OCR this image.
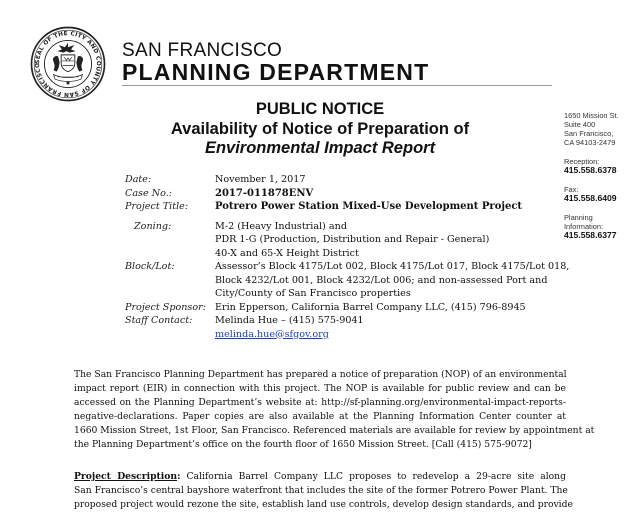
SEAL OF THE CITY AND COUNTY OF SAN FRANCISCO
SAN FRANCISCO
PLANNING DEPARTMENT
PUBLIC NOTICE
Availability of Notice of Preparation of
Environmental Impact Report
1650 Mission St.
Suite 400
San Francisco,
CA 94103-2479
Reception:
415.558.6378
Fax:
415.558.6409
Planning
Information:
415.558.6377
Date:	November 1, 2017
Case No.:	2017-011878ENV
Project Title:	Potrero Power Station Mixed-Use Development Project
Zoning:	M-2 (Heavy Industrial) and
PDR 1-G (Production, Distribution and Repair - General)
40-X and 65-X Height District
Block/Lot:	Assessor’s Block 4175/Lot 002, Block 4175/Lot 017, Block 4175/Lot 018,
Block 4232/Lot 001, Block 4232/Lot 006; and non-assessed Port and
City/County of San Francisco properties
Project Sponsor: Erin Epperson, California Barrel Company LLC, (415) 796-8945
Staff Contact:	Melinda Hue – (415) 575-9041
melinda.hue@sfgov.org
The San Francisco Planning Department has prepared a notice of preparation (NOP) of an environmental
impact report (EIR) in connection with this project. The NOP is available for public review and can be
accessed on the Planning Department’s website at: http://sf-planning.org/environmental-impact-reports-
negative-declarations. Paper copies are also available at the Planning Information Center counter at
1660 Mission Street, 1st Floor, San Francisco. Referenced materials are available for review by appointment at
the Planning Department’s office on the fourth floor of 1650 Mission Street. [Call (415) 575-9072]
Project Description: California Barrel Company LLC proposes to redevelop a 29-acre site along
San Francisco’s central bayshore waterfront that includes the site of the former Potrero Power Plant. The
proposed project would rezone the site, establish land use controls, develop design standards, and provide
